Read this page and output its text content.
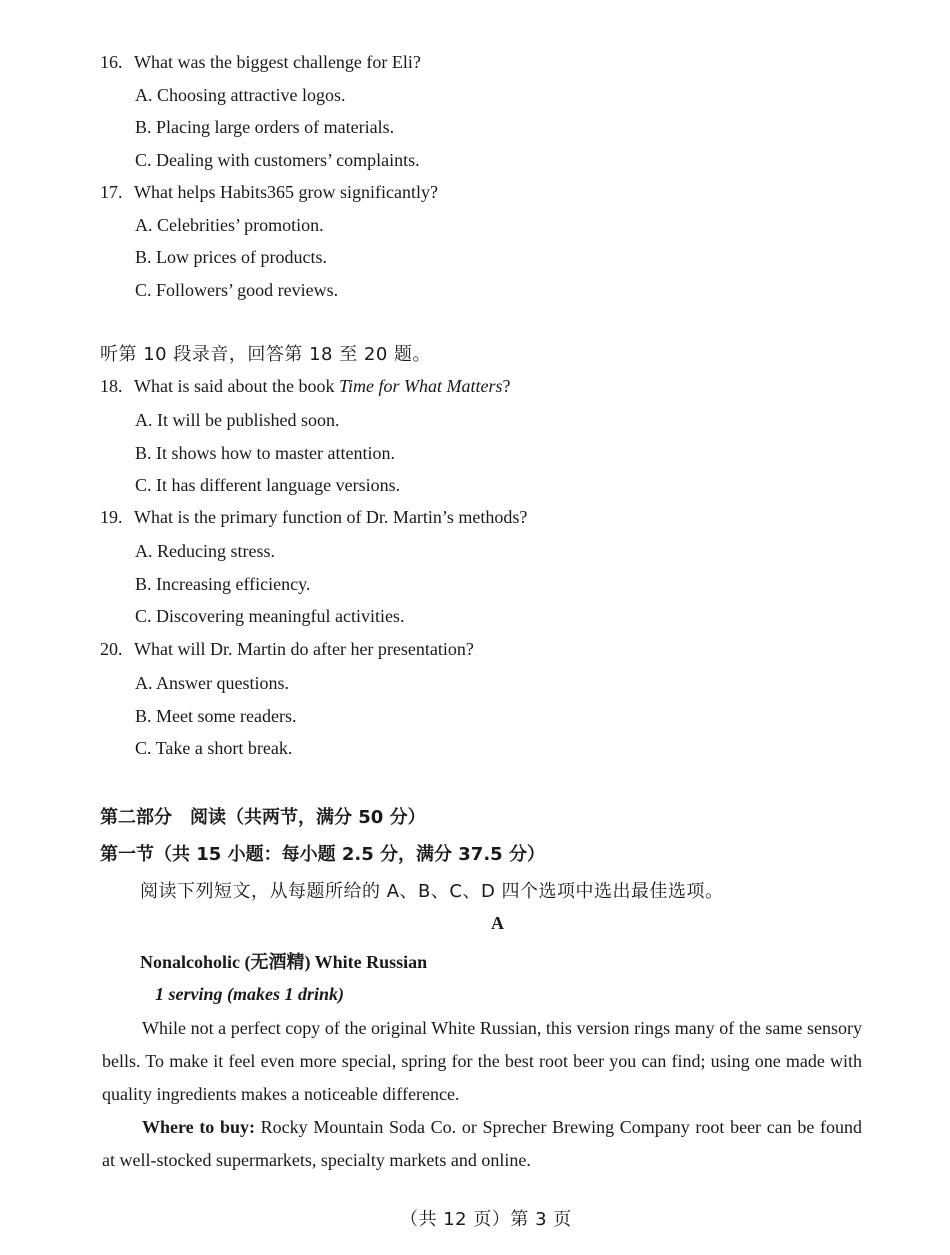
16. What was the biggest challenge for Eli?
A. Choosing attractive logos.
B. Placing large orders of materials.
C. Dealing with customers’ complaints.
17. What helps Habits365 grow significantly?
A. Celebrities’ promotion.
B. Low prices of products.
C. Followers’ good reviews.
听第 10 段录音，回答第 18 至 20 题。
18. What is said about the book Time for What Matters?
A. It will be published soon.
B. It shows how to master attention.
C. It has different language versions.
19. What is the primary function of Dr. Martin’s methods?
A. Reducing stress.
B. Increasing efficiency.
C. Discovering meaningful activities.
20. What will Dr. Martin do after her presentation?
A. Answer questions.
B. Meet some readers.
C. Take a short break.
第二部分　阅读（共两节，满分 50 分）
第一节（共 15 小题：每小题 2.5 分，满分 37.5 分）
阅读下列短文，从每题所给的 A、B、C、D 四个选项中选出最佳选项。
A
Nonalcoholic (无酒精) White Russian
1 serving (makes 1 drink)
While not a perfect copy of the original White Russian, this version rings many of the same sensory bells. To make it feel even more special, spring for the best root beer you can find; using one made with quality ingredients makes a noticeable difference.
Where to buy: Rocky Mountain Soda Co. or Sprecher Brewing Company root beer can be found at well-stocked supermarkets, specialty markets and online.
（共 12 页）第 3 页
